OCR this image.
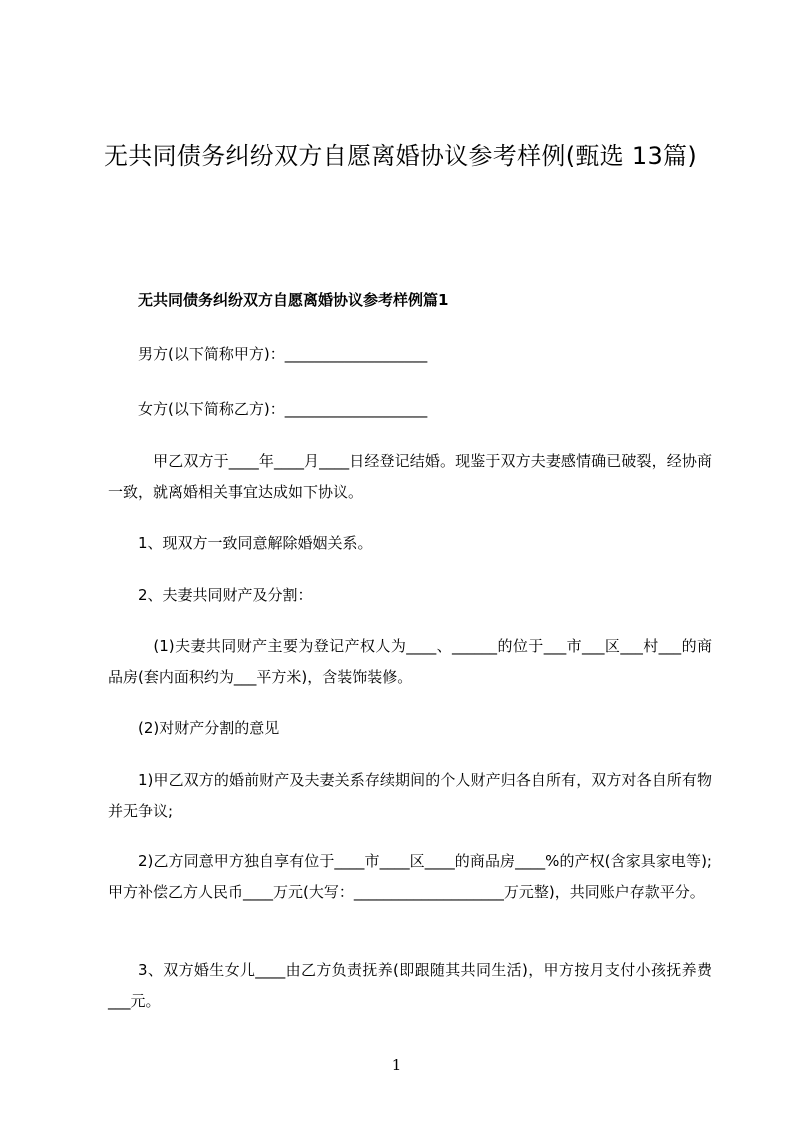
无共同债务纠纷双方自愿离婚协议参考样例(甄选 13篇)
无共同债务纠纷双方自愿离婚协议参考样例篇1
男方(以下简称甲方)：___________________
女方(以下简称乙方)：___________________
　甲乙双方于____年____月____日经登记结婚。现鉴于双方夫妻感情确已破裂，经协商一致，就离婚相关事宜达成如下协议。
1、现双方一致同意解除婚姻关系。
2、夫妻共同财产及分割：
　(1)夫妻共同财产主要为登记产权人为____、______的位于___市___区___村___的商品房(套内面积约为___平方米)，含装饰装修。
(2)对财产分割的意见
1)甲乙双方的婚前财产及夫妻关系存续期间的个人财产归各自所有，双方对各自所有物并无争议;
2)乙方同意甲方独自享有位于____市____区____的商品房____%的产权(含家具家电等);甲方补偿乙方人民币____万元(大写：____________________万元整)，共同账户存款平分。
3、双方婚生女儿____由乙方负责抚养(即跟随其共同生活)，甲方按月支付小孩抚养费___元。
1
